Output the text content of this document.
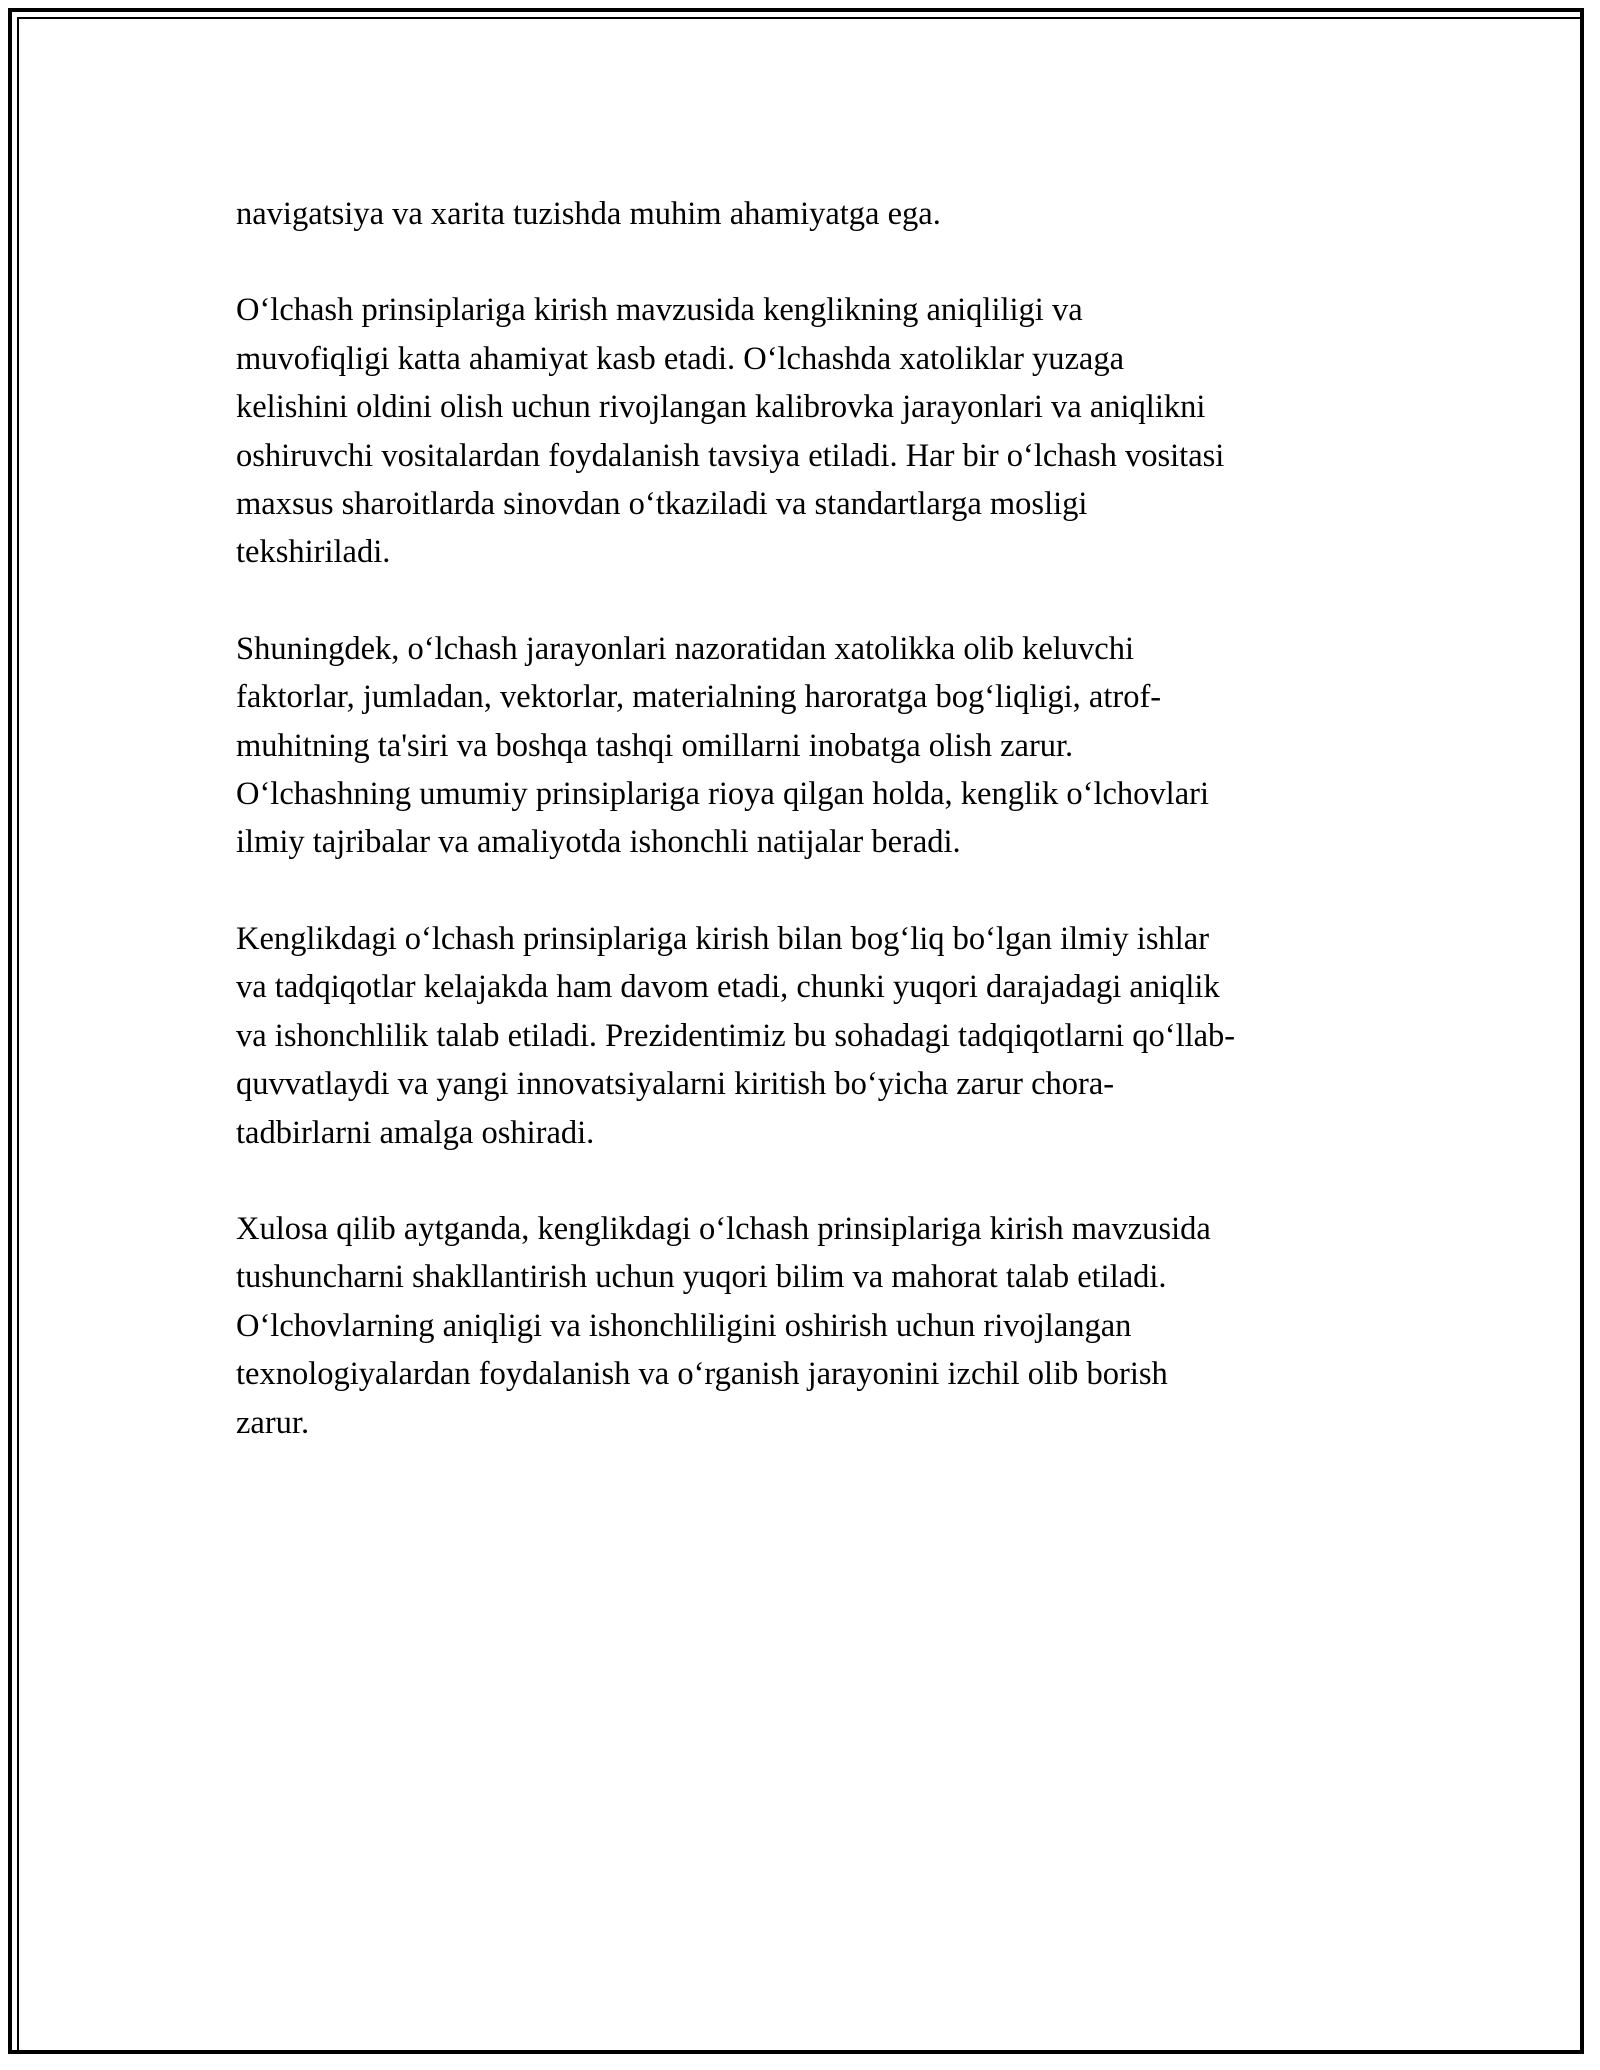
navigatsiya va xarita tuzishda muhim ahamiyatga ega.

O‘lchash prinsiplariga kirish mavzusida kenglikning aniqliligi va
muvofiqligi katta ahamiyat kasb etadi. O‘lchashda xatoliklar yuzaga
kelishini oldini olish uchun rivojlangan kalibrovka jarayonlari va aniqlikni
oshiruvchi vositalardan foydalanish tavsiya etiladi. Har bir o‘lchash vositasi
maxsus sharoitlarda sinovdan o‘tkaziladi va standartlarga mosligi
tekshiriladi.

Shuningdek, o‘lchash jarayonlari nazoratidan xatolikka olib keluvchi
faktorlar, jumladan, vektorlar, materialning haroratga bog‘liqligi, atrof-
muhitning ta'siri va boshqa tashqi omillarni inobatga olish zarur.
O‘lchashning umumiy prinsiplariga rioya qilgan holda, kenglik o‘lchovlari
ilmiy tajribalar va amaliyotda ishonchli natijalar beradi.

Kenglikdagi o‘lchash prinsiplariga kirish bilan bog‘liq bo‘lgan ilmiy ishlar
va tadqiqotlar kelajakda ham davom etadi, chunki yuqori darajadagi aniqlik
va ishonchlilik talab etiladi. Prezidentimiz bu sohadagi tadqiqotlarni qo‘llab-
quvvatlaydi va yangi innovatsiyalarni kiritish bo‘yicha zarur chora-
tadbirlarni amalga oshiradi.

Xulosa qilib aytganda, kenglikdagi o‘lchash prinsiplariga kirish mavzusida
tushuncharni shakllantirish uchun yuqori bilim va mahorat talab etiladi.
O‘lchovlarning aniqligi va ishonchliligini oshirish uchun rivojlangan
texnologiyalardan foydalanish va o‘rganish jarayonini izchil olib borish
zarur.
